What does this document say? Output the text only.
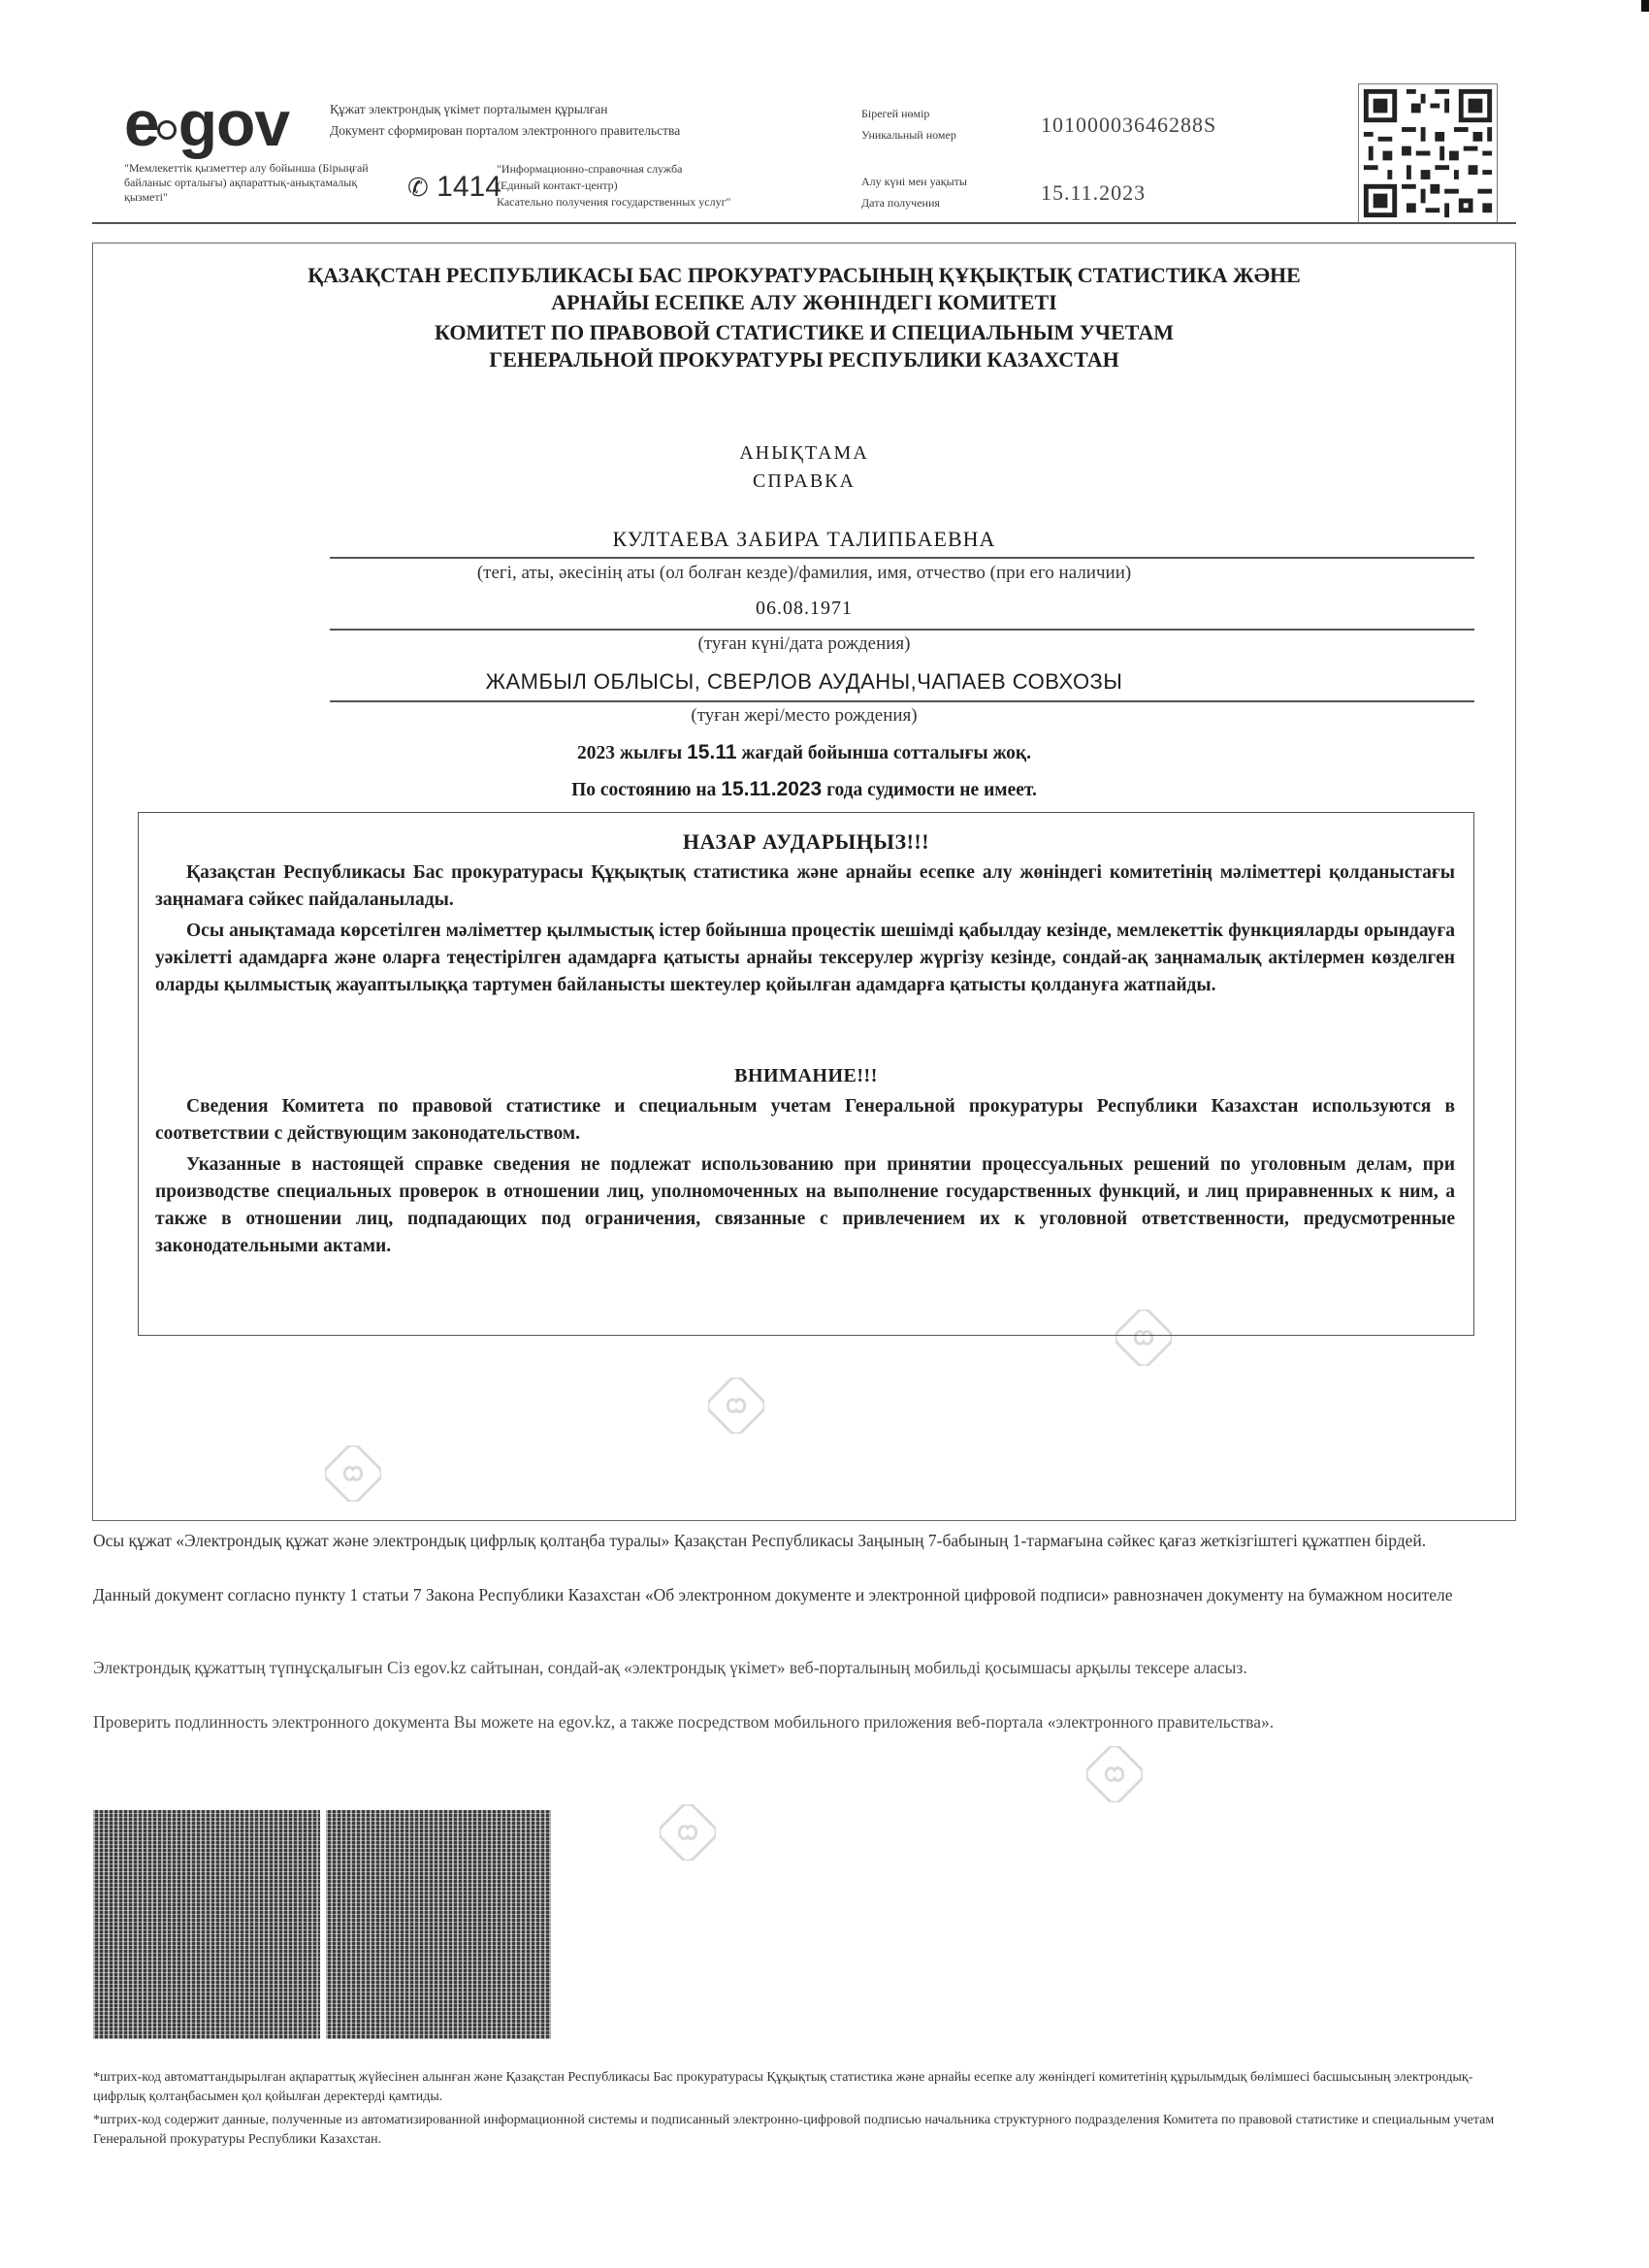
e gov
"Мемлекеттік қызметтер алу бойынша (Бірыңғай байланыс орталығы) ақпараттық-анықтамалық қызметі"	✆ 1414
Құжат электрондық үкімет порталымен құрылған
Документ сформирован порталом электронного правительства
"Информационно-справочная служба
(Единый контакт-центр)
Касательно получения государственных услуг"
Бірегей нөмір
Уникальный номер	10100003646288S
Алу күні мен уақыты
Дата получения	15.11.2023
ҚАЗАҚСТАН РЕСПУБЛИКАСЫ БАС ПРОКУРАТУРАСЫНЫҢ ҚҰҚЫҚТЫҚ СТАТИСТИКА ЖӘНЕ
АРНАЙЫ ЕСЕПКЕ АЛУ ЖӨНІНДЕГІ КОМИТЕТІ
КОМИТЕТ ПО ПРАВОВОЙ СТАТИСТИКЕ И СПЕЦИАЛЬНЫМ УЧЕТАМ
ГЕНЕРАЛЬНОЙ ПРОКУРАТУРЫ РЕСПУБЛИКИ КАЗАХСТАН
АНЫҚТАМА
СПРАВКА
КУЛТАЕВА ЗАБИРА ТАЛИПБАЕВНА
(тегі, аты, әкесінің аты (ол болған кезде)/фамилия, имя, отчество (при его наличии)
06.08.1971
(туған күні/дата рождения)
ЖАМБЫЛ ОБЛЫСЫ, СВЕРЛОВ АУДАНЫ,ЧАПАЕВ СОВХОЗЫ
(туған жері/место рождения)
2023 жылғы 15.11 жағдай бойынша сотталығы жоқ.
По состоянию на 15.11.2023 года судимости не имеет.
НАЗАР АУДАРЫҢЫЗ!!!
Қазақстан Республикасы Бас прокуратурасы Құқықтық статистика және арнайы есепке алу жөніндегі комитетінің мәліметтері қолданыстағы заңнамаға сәйкес пайдаланылады.
Осы анықтамада көрсетілген мәліметтер қылмыстық істер бойынша процестік шешімді қабылдау кезінде, мемлекеттік функцияларды орындауға уәкілетті адамдарға және оларға теңестірілген адамдарға қатысты арнайы тексерулер жүргізу кезінде, сондай-ақ заңнамалық актілермен көзделген оларды қылмыстық жауаптылыққа тартумен байланысты шектеулер қойылған адамдарға қатысты қолдануға жатпайды.
ВНИМАНИЕ!!!
Сведения Комитета по правовой статистике и специальным учетам Генеральной прокуратуры Республики Казахстан используются в соответствии с действующим законодательством.
Указанные в настоящей справке сведения не подлежат использованию при принятии процессуальных решений по уголовным делам, при производстве специальных проверок в отношении лиц, уполномоченных на выполнение государственных функций, и лиц приравненных к ним, а также в отношении лиц, подпадающих под ограничения, связанные с привлечением их к уголовной ответственности, предусмотренные законодательными актами.
Осы құжат «Электрондық құжат және электрондық цифрлық қолтаңба туралы» Қазақстан Республикасы Заңының 7-бабының 1-тармағына сәйкес қағаз жеткізгіштегі құжатпен бірдей.
Данный документ согласно пункту 1 статьи 7 Закона Республики Казахстан «Об электронном документе и электронной цифровой подписи» равнозначен документу на бумажном носителе
Электрондық құжаттың түпнұсқалығын Сіз egov.kz сайтынан, сондай-ақ «электрондық үкімет» веб-порталының мобильді қосымшасы арқылы тексере аласыз.
Проверить подлинность электронного документа Вы можете на egov.kz, а также посредством мобильного приложения веб-портала «электронного правительства».
*штрих-код автоматтандырылған ақпараттық жүйесінен алынған және Қазақстан Республикасы Бас прокуратурасы Құқықтық статистика және арнайы есепке алу жөніндегі комитетінің құрылымдық бөлімшесі басшысының электрондық-цифрлық қолтаңбасымен қол қойылған деректерді қамтиды.
*штрих-код содержит данные, полученные из автоматизированной информационной системы и подписанный электронно-цифровой подписью начальника структурного подразделения Комитета по правовой статистике и специальным учетам Генеральной прокуратуры Республики Казахстан.
